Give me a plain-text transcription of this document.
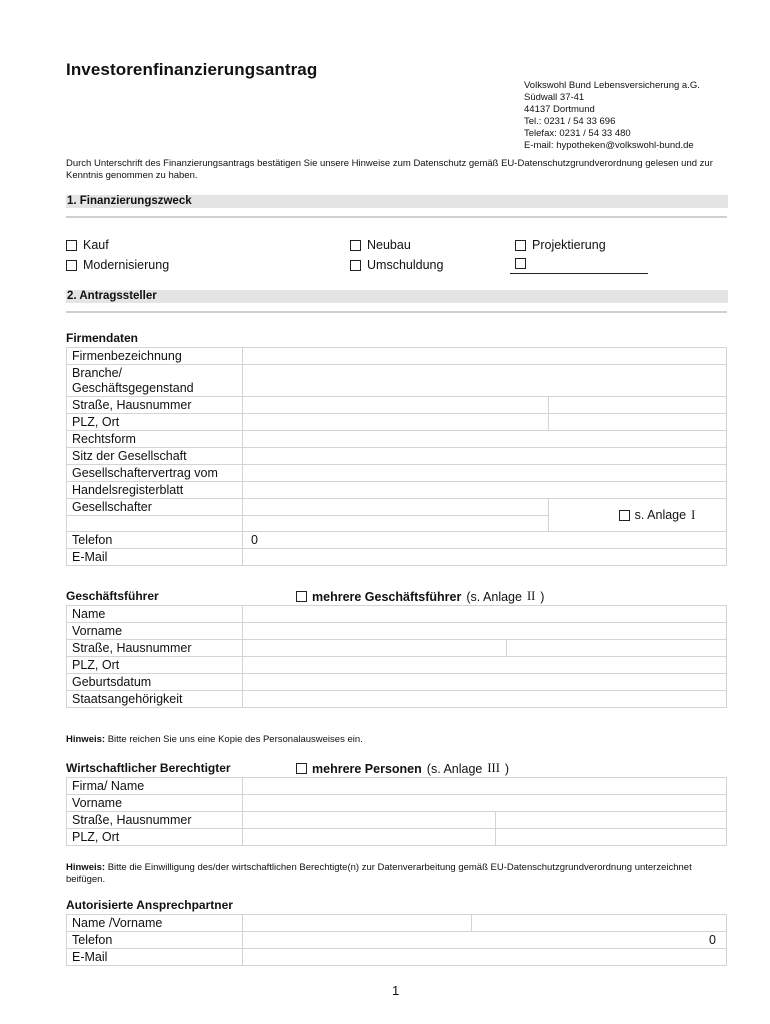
Investorenfinanzierungsantrag
Volkswohl Bund Lebensversicherung a.G.
Südwall 37-41
44137 Dortmund
Tel.: 0231 / 54 33 696
Telefax: 0231 / 54 33 480
E-mail: hypotheken@volkswohl-bund.de
Durch Unterschrift des Finanzierungsantrags bestätigen Sie unsere Hinweise zum Datenschutz gemäß EU-Datenschutzgrundverordnung gelesen und zur Kenntnis genommen zu haben.
1. Finanzierungszweck
Kauf	Neubau	Projektierung
Modernisierung	Umschuldung
2. Antragssteller
Firmendaten
Firmenbezeichnung		

Branche/
Geschäftsgegenstand		

Straße, Hausnummer		
PLZ, Ort		
Rechtsform		
Sitz der Gesellschaft		
Gesellschaftervertrag vom		
Handelsregisterblatt		
Gesellschafter		s. Anlage I

Telefon	0	
E-Mail		
Geschäftsführer	mehrere Geschäftsführer (s. Anlage II )
Name		
Vorname		
Straße, Hausnummer		
PLZ, Ort		
Geburtsdatum		
Staatsangehörigkeit		
Hinweis: Bitte reichen Sie uns eine Kopie des Personalausweises ein.
Wirtschaftlicher Berechtigter	mehrere Personen (s. Anlage III )
Firma/ Name		
Vorname		
Straße, Hausnummer		
PLZ, Ort		
Hinweis: Bitte die Einwilligung des/der wirtschaftlichen Berechtigte(n) zur Datenverarbeitung gemäß EU-Datenschutzgrundverordnung unterzeichnet beifügen.
Autorisierte Ansprechpartner
Name /Vorname		
Telefon	0	
E-Mail		
1
